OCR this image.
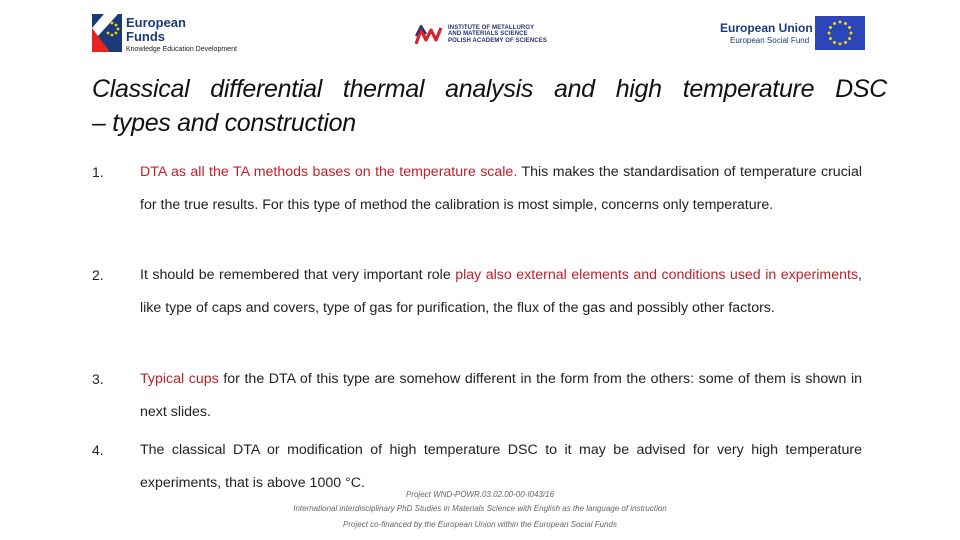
European
Funds
Knowledge Education Development
INSTITUTE OF METALLURGY
AND MATERIALS SCIENCE
POLISH ACADEMY OF SCIENCES
European Union
European Social Fund
Classical differential thermal analysis and high temperature DSC
– types and construction
1.	DTA as all the TA methods bases on the temperature scale. This makes the standardisation of temperature crucial for the true results. For this type of method the calibration is most simple, concerns only temperature.
2.	It should be remembered that very important role play also external elements and conditions used in experiments, like type of caps and covers, type of gas for purification, the flux of the gas and possibly other factors.
3.	Typical cups for the DTA of this type are somehow different in the form from the others: some of them is shown in next slides.
4.	The classical DTA or modification of high temperature DSC to it may be advised for very high temperature experiments, that is above 1000 °C.
Project WND-POWR.03.02.00-00-I043/16
International interdisciplinary PhD Studies in Materials Science with English as the language of instruction
Project co-financed by the European Union within the European Social Funds
